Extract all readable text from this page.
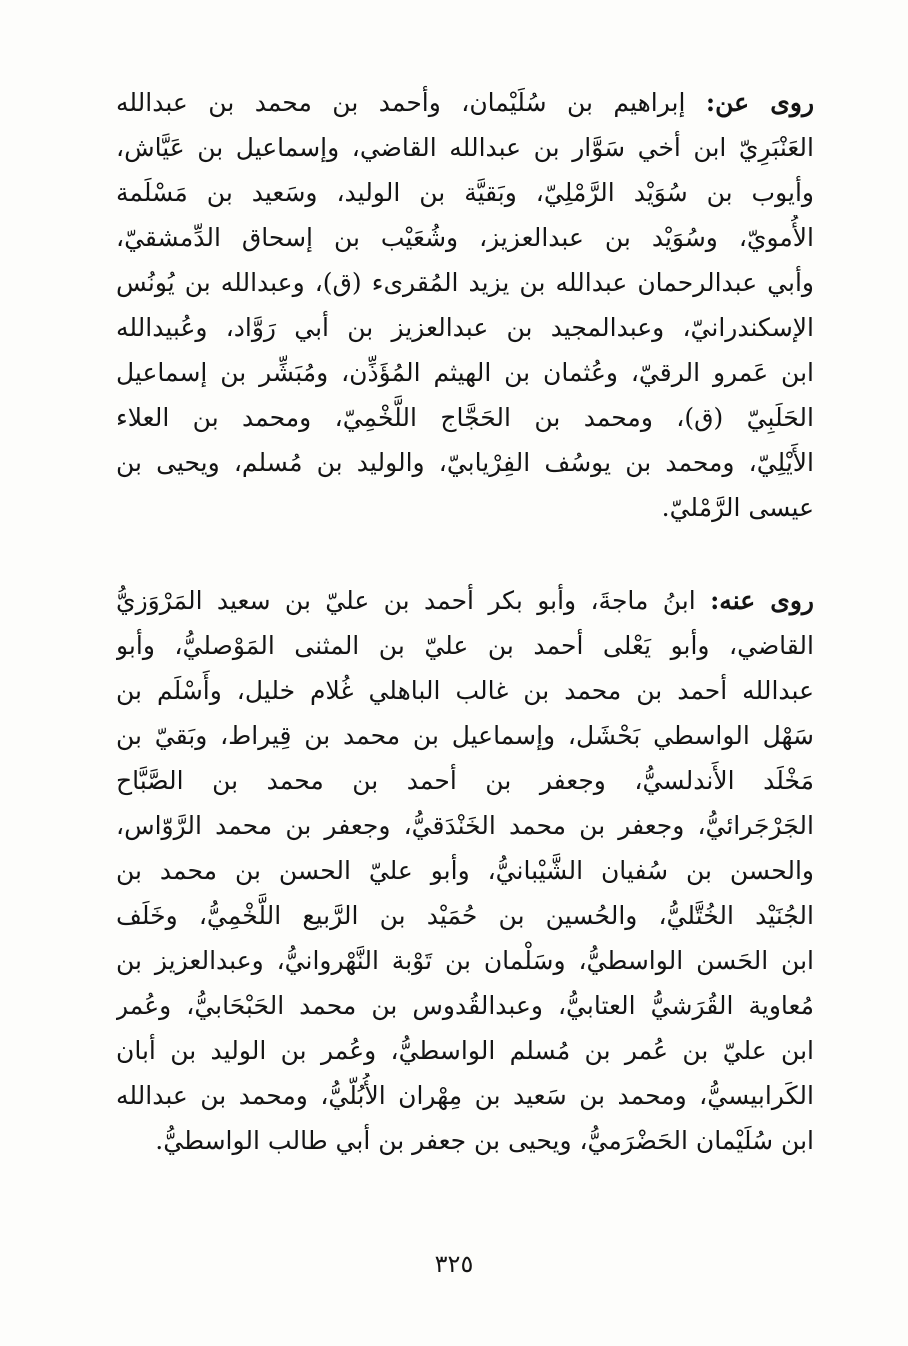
روى عن: إبراهيم بن سُلَيْمان، وأحمد بن محمد بن عبدالله
العَنْبَرِيّ ابن أخي سَوَّار بن عبدالله القاضي، وإسماعيل بن عَيَّاش،
وأيوب بن سُوَيْد الرَّمْلِيّ، وبَقيَّة بن الوليد، وسَعيد بن مَسْلَمة
الأُمويّ، وسُوَيْد بن عبدالعزيز، وشُعَيْب بن إسحاق الدِّمشقيّ،
وأبي عبدالرحمان عبدالله بن يزيد المُقرىء (ق)، وعبدالله بن يُونُس
الإسكندرانيّ، وعبدالمجيد بن عبدالعزيز بن أبي رَوَّاد، وعُبيدالله
ابن عَمرو الرقيّ، وعُثمان بن الهيثم المُؤَذِّن، ومُبَشِّر بن إسماعيل
الحَلَبِيّ (ق)، ومحمد بن الحَجَّاج اللَّخْمِيّ، ومحمد بن العلاء
الأَيْلِيّ، ومحمد بن يوسُف الفِرْيابيّ، والوليد بن مُسلم، ويحيى بن
عيسى الرَّمْليّ.
روى عنه: ابنُ ماجةَ، وأبو بكر أحمد بن عليّ بن سعيد المَرْوَزيُّ
القاضي، وأبو يَعْلى أحمد بن عليّ بن المثنى المَوْصليُّ، وأبو
عبدالله أحمد بن محمد بن غالب الباهلي غُلام خليل، وأَسْلَم بن
سَهْل الواسطي بَحْشَل، وإسماعيل بن محمد بن قِيراط، وبَقيّ بن
مَخْلَد الأَندلسيُّ، وجعفر بن أحمد بن محمد بن الصَّبَّاح
الجَرْجَرائيُّ، وجعفر بن محمد الخَنْدَقيُّ، وجعفر بن محمد الرَّوّاس،
والحسن بن سُفيان الشَّيْبانيُّ، وأبو عليّ الحسن بن محمد بن
الجُنَيْد الخُتَّليُّ، والحُسين بن حُمَيْد بن الرَّبيع اللَّخْمِيُّ، وخَلَف
ابن الحَسن الواسطيُّ، وسَلْمان بن تَوْبة النَّهْروانيُّ، وعبدالعزيز بن
مُعاوية القُرَشيُّ العتابيُّ، وعبدالقُدوس بن محمد الحَبْحَابيُّ، وعُمر
ابن عليّ بن عُمر بن مُسلم الواسطيُّ، وعُمر بن الوليد بن أبان
الكَرابيسيُّ، ومحمد بن سَعيد بن مِهْران الأُبُلّيُّ، ومحمد بن عبدالله
ابن سُلَيْمان الحَضْرَميُّ، ويحيى بن جعفر بن أبي طالب الواسطيُّ.
٣٢٥
